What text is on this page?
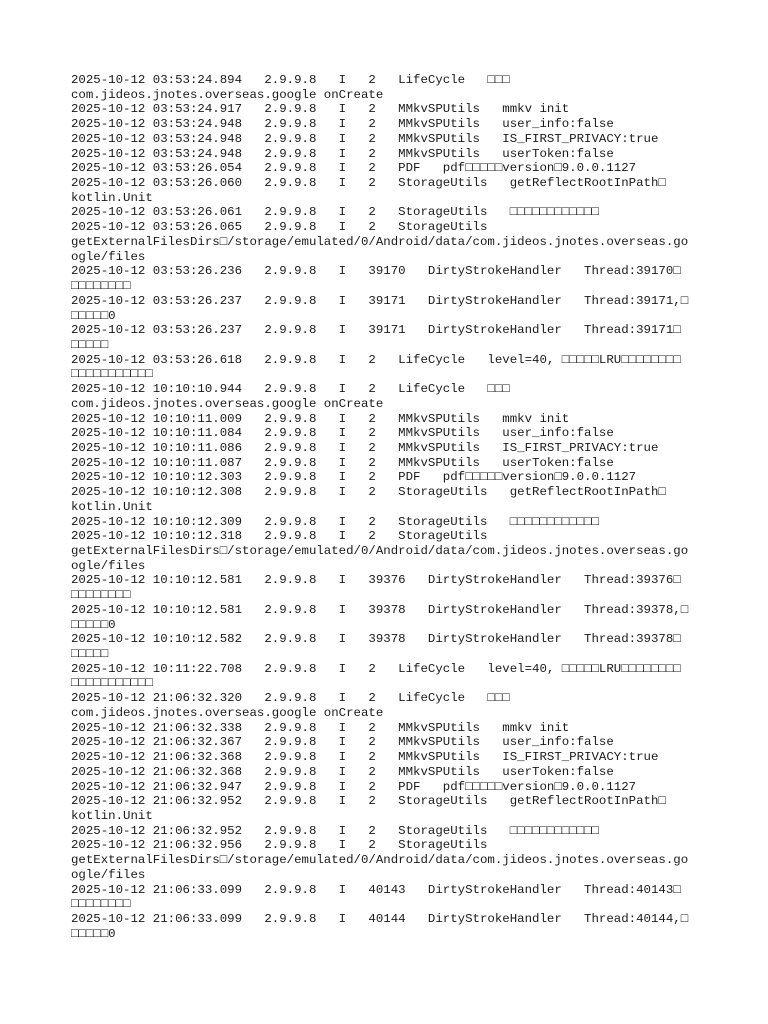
2025-10-12 03:53:24.894   2.9.9.8   I   2   LifeCycle   □□□
com.jideos.jnotes.overseas.google onCreate
2025-10-12 03:53:24.917   2.9.9.8   I   2   MMkvSPUtils   mmkv init
2025-10-12 03:53:24.948   2.9.9.8   I   2   MMkvSPUtils   user_info:false
2025-10-12 03:53:24.948   2.9.9.8   I   2   MMkvSPUtils   IS_FIRST_PRIVACY:true
2025-10-12 03:53:24.948   2.9.9.8   I   2   MMkvSPUtils   userToken:false
2025-10-12 03:53:26.054   2.9.9.8   I   2   PDF   pdf□□□□□version□9.0.0.1127
2025-10-12 03:53:26.060   2.9.9.8   I   2   StorageUtils   getReflectRootInPath□
kotlin.Unit
2025-10-12 03:53:26.061   2.9.9.8   I   2   StorageUtils   □□□□□□□□□□□□
2025-10-12 03:53:26.065   2.9.9.8   I   2   StorageUtils
getExternalFilesDirs□/storage/emulated/0/Android/data/com.jideos.jnotes.overseas.go
ogle/files
2025-10-12 03:53:26.236   2.9.9.8   I   39170   DirtyStrokeHandler   Thread:39170□
□□□□□□□□
2025-10-12 03:53:26.237   2.9.9.8   I   39171   DirtyStrokeHandler   Thread:39171,□
□□□□□0
2025-10-12 03:53:26.237   2.9.9.8   I   39171   DirtyStrokeHandler   Thread:39171□
□□□□□
2025-10-12 03:53:26.618   2.9.9.8   I   2   LifeCycle   level=40, □□□□□LRU□□□□□□□□
□□□□□□□□□□□
2025-10-12 10:10:10.944   2.9.9.8   I   2   LifeCycle   □□□
com.jideos.jnotes.overseas.google onCreate
2025-10-12 10:10:11.009   2.9.9.8   I   2   MMkvSPUtils   mmkv init
2025-10-12 10:10:11.084   2.9.9.8   I   2   MMkvSPUtils   user_info:false
2025-10-12 10:10:11.086   2.9.9.8   I   2   MMkvSPUtils   IS_FIRST_PRIVACY:true
2025-10-12 10:10:11.087   2.9.9.8   I   2   MMkvSPUtils   userToken:false
2025-10-12 10:10:12.303   2.9.9.8   I   2   PDF   pdf□□□□□version□9.0.0.1127
2025-10-12 10:10:12.308   2.9.9.8   I   2   StorageUtils   getReflectRootInPath□
kotlin.Unit
2025-10-12 10:10:12.309   2.9.9.8   I   2   StorageUtils   □□□□□□□□□□□□
2025-10-12 10:10:12.318   2.9.9.8   I   2   StorageUtils
getExternalFilesDirs□/storage/emulated/0/Android/data/com.jideos.jnotes.overseas.go
ogle/files
2025-10-12 10:10:12.581   2.9.9.8   I   39376   DirtyStrokeHandler   Thread:39376□
□□□□□□□□
2025-10-12 10:10:12.581   2.9.9.8   I   39378   DirtyStrokeHandler   Thread:39378,□
□□□□□0
2025-10-12 10:10:12.582   2.9.9.8   I   39378   DirtyStrokeHandler   Thread:39378□
□□□□□
2025-10-12 10:11:22.708   2.9.9.8   I   2   LifeCycle   level=40, □□□□□LRU□□□□□□□□
□□□□□□□□□□□
2025-10-12 21:06:32.320   2.9.9.8   I   2   LifeCycle   □□□
com.jideos.jnotes.overseas.google onCreate
2025-10-12 21:06:32.338   2.9.9.8   I   2   MMkvSPUtils   mmkv init
2025-10-12 21:06:32.367   2.9.9.8   I   2   MMkvSPUtils   user_info:false
2025-10-12 21:06:32.368   2.9.9.8   I   2   MMkvSPUtils   IS_FIRST_PRIVACY:true
2025-10-12 21:06:32.368   2.9.9.8   I   2   MMkvSPUtils   userToken:false
2025-10-12 21:06:32.947   2.9.9.8   I   2   PDF   pdf□□□□□version□9.0.0.1127
2025-10-12 21:06:32.952   2.9.9.8   I   2   StorageUtils   getReflectRootInPath□
kotlin.Unit
2025-10-12 21:06:32.952   2.9.9.8   I   2   StorageUtils   □□□□□□□□□□□□
2025-10-12 21:06:32.956   2.9.9.8   I   2   StorageUtils
getExternalFilesDirs□/storage/emulated/0/Android/data/com.jideos.jnotes.overseas.go
ogle/files
2025-10-12 21:06:33.099   2.9.9.8   I   40143   DirtyStrokeHandler   Thread:40143□
□□□□□□□□
2025-10-12 21:06:33.099   2.9.9.8   I   40144   DirtyStrokeHandler   Thread:40144,□
□□□□□0
